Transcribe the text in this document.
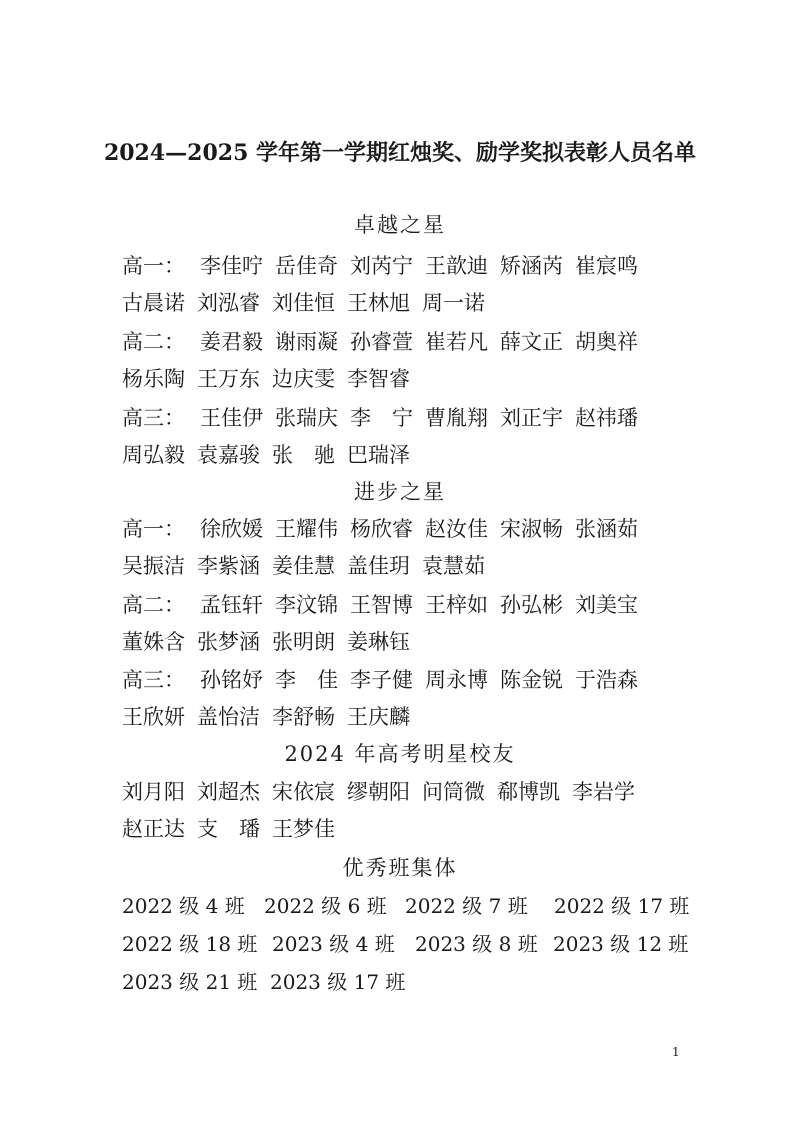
2024—2025 学年第一学期红烛奖、励学奖拟表彰人员名单
卓越之星
高一： 李佳咛 岳佳奇 刘芮宁 王歆迪 矫涵芮 崔宸鸣
古晨诺 刘泓睿 刘佳恒 王林旭 周一诺
高二： 姜君毅 谢雨凝 孙睿萱 崔若凡 薛文正 胡奥祥
杨乐陶 王万东 边庆雯 李智睿
高三： 王佳伊 张瑞庆 李　宁 曹胤翔 刘正宇 赵祎璠
周弘毅 袁嘉骏 张　驰 巴瑞泽
进步之星
高一： 徐欣媛 王耀伟 杨欣睿 赵汝佳 宋淑畅 张涵茹
吴振洁 李紫涵 姜佳慧 盖佳玥 袁慧茹
高二： 孟钰轩 李汶锦 王智博 王梓如 孙弘彬 刘美宝
董姝含 张梦涵 张明朗 姜琳钰
高三： 孙铭妤 李　佳 李子健 周永博 陈金锐 于浩森
王欣妍 盖怡洁 李舒畅 王庆麟
2024 年高考明星校友
刘月阳 刘超杰 宋依宸 缪朝阳 问筒微 郗博凯 李岩学
赵正达 支　璠 王梦佳
优秀班集体
2022 级 4 班 2022 级 6 班 2022 级 7 班 2022 级 17 班
2022 级 18 班 2023 级 4 班 2023 级 8 班 2023 级 12 班
2023 级 21 班 2023 级 17 班
1
